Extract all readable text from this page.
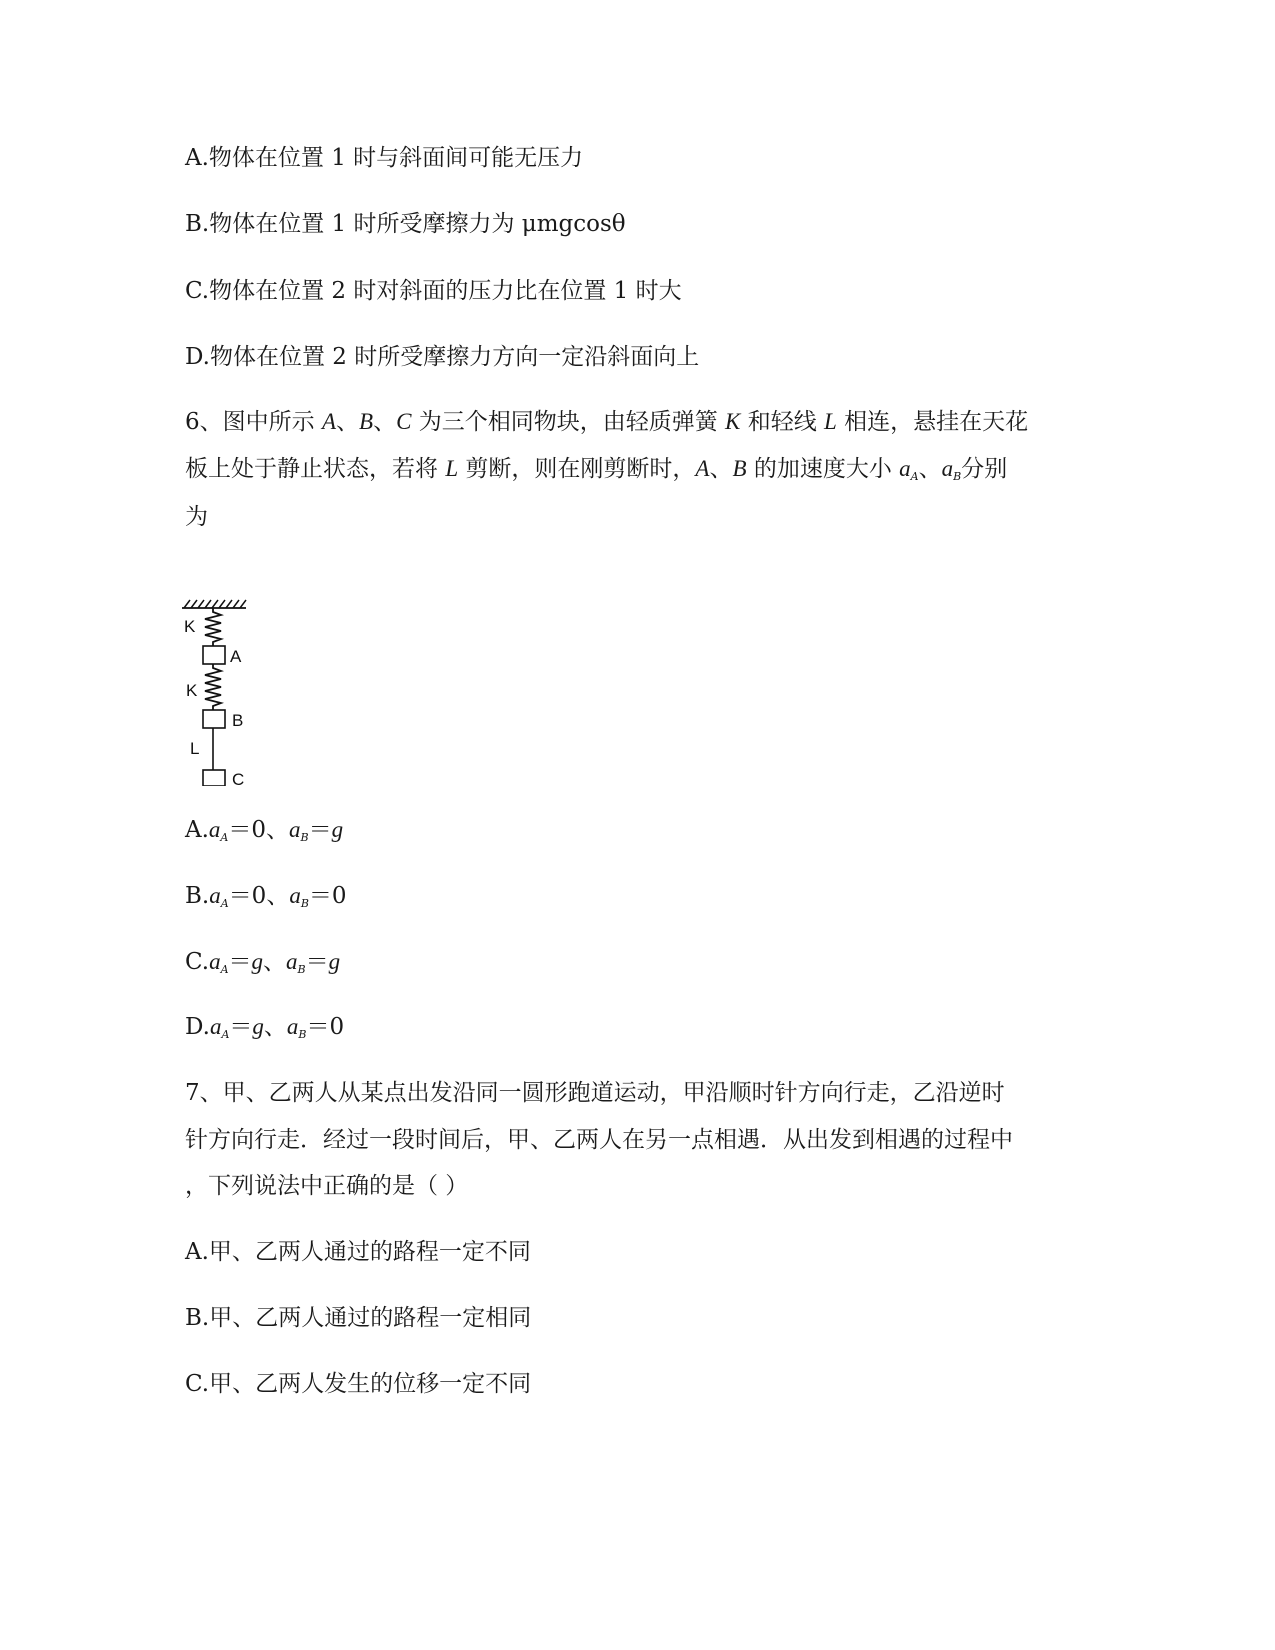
A.物体在位置 1 时与斜面间可能无压力
B.物体在位置 1 时所受摩擦力为 μmgcosθ
C.物体在位置 2 时对斜面的压力比在位置 1 时大
D.物体在位置 2 时所受摩擦力方向一定沿斜面向上
6、图中所示 A、B、C 为三个相同物块，由轻质弹簧 K 和轻线 L 相连，悬挂在天花
板上处于静止状态，若将 L 剪断，则在刚剪断时，A、B 的加速度大小 $a_A$、$a_B$分别
为
K
A
K
B
L
C
$A.a_A=0$、$a_B=g$
$B.a_A=0$、$a_B=0$
$C.a_A=g$、$a_B=g$
$D.a_A=g$、$a_B=0$
7、甲、乙两人从某点出发沿同一圆形跑道运动，甲沿顺时针方向行走，乙沿逆时
针方向行走．经过一段时间后，甲、乙两人在另一点相遇．从出发到相遇的过程中
，下列说法中正确的是（ ）
A.甲、乙两人通过的路程一定不同
B.甲、乙两人通过的路程一定相同
C.甲、乙两人发生的位移一定不同
